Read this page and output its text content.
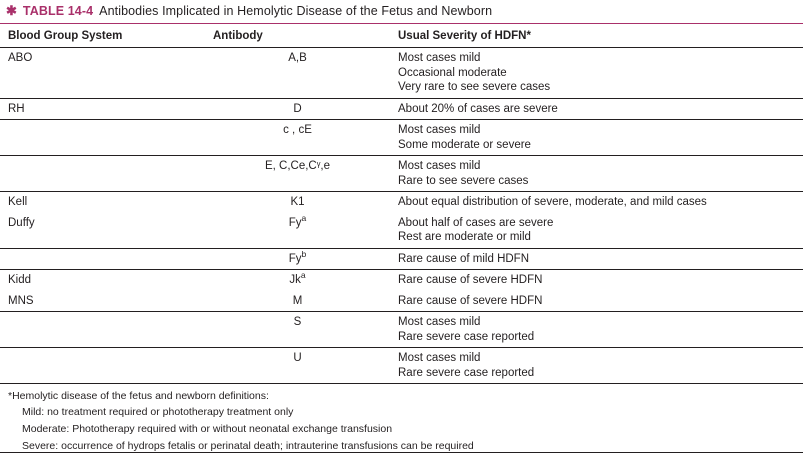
✱ TABLE 14-4 Antibodies Implicated in Hemolytic Disease of the Fetus and Newborn
Blood Group System	Antibody	Usual Severity of HDFN*
ABO	A,B	Most cases mild
Occasional moderate
Very rare to see severe cases

RH	D	About 20% of cases are severe

	c , cE	Most cases mild
Some moderate or severe

	E, C,Ce,Cᵞ,e	Most cases mild
Rare to see severe cases

Kell	K1	About equal distribution of severe, moderate, and mild cases

Duffy	Fy$^a$	About half of cases are severe
Rest are moderate or mild

	Fy$^b$	Rare cause of mild HDFN

Kidd	Jk$^a$	Rare cause of severe HDFN

MNS	M	Rare cause of severe HDFN

	S	Most cases mild
Rare severe case reported

	U	Most cases mild
Rare severe case reported
*Hemolytic disease of the fetus and newborn definitions:
Mild: no treatment required or phototherapy treatment only
Moderate: Phototherapy required with or without neonatal exchange transfusion
Severe: occurrence of hydrops fetalis or perinatal death; intrauterine transfusions can be required
